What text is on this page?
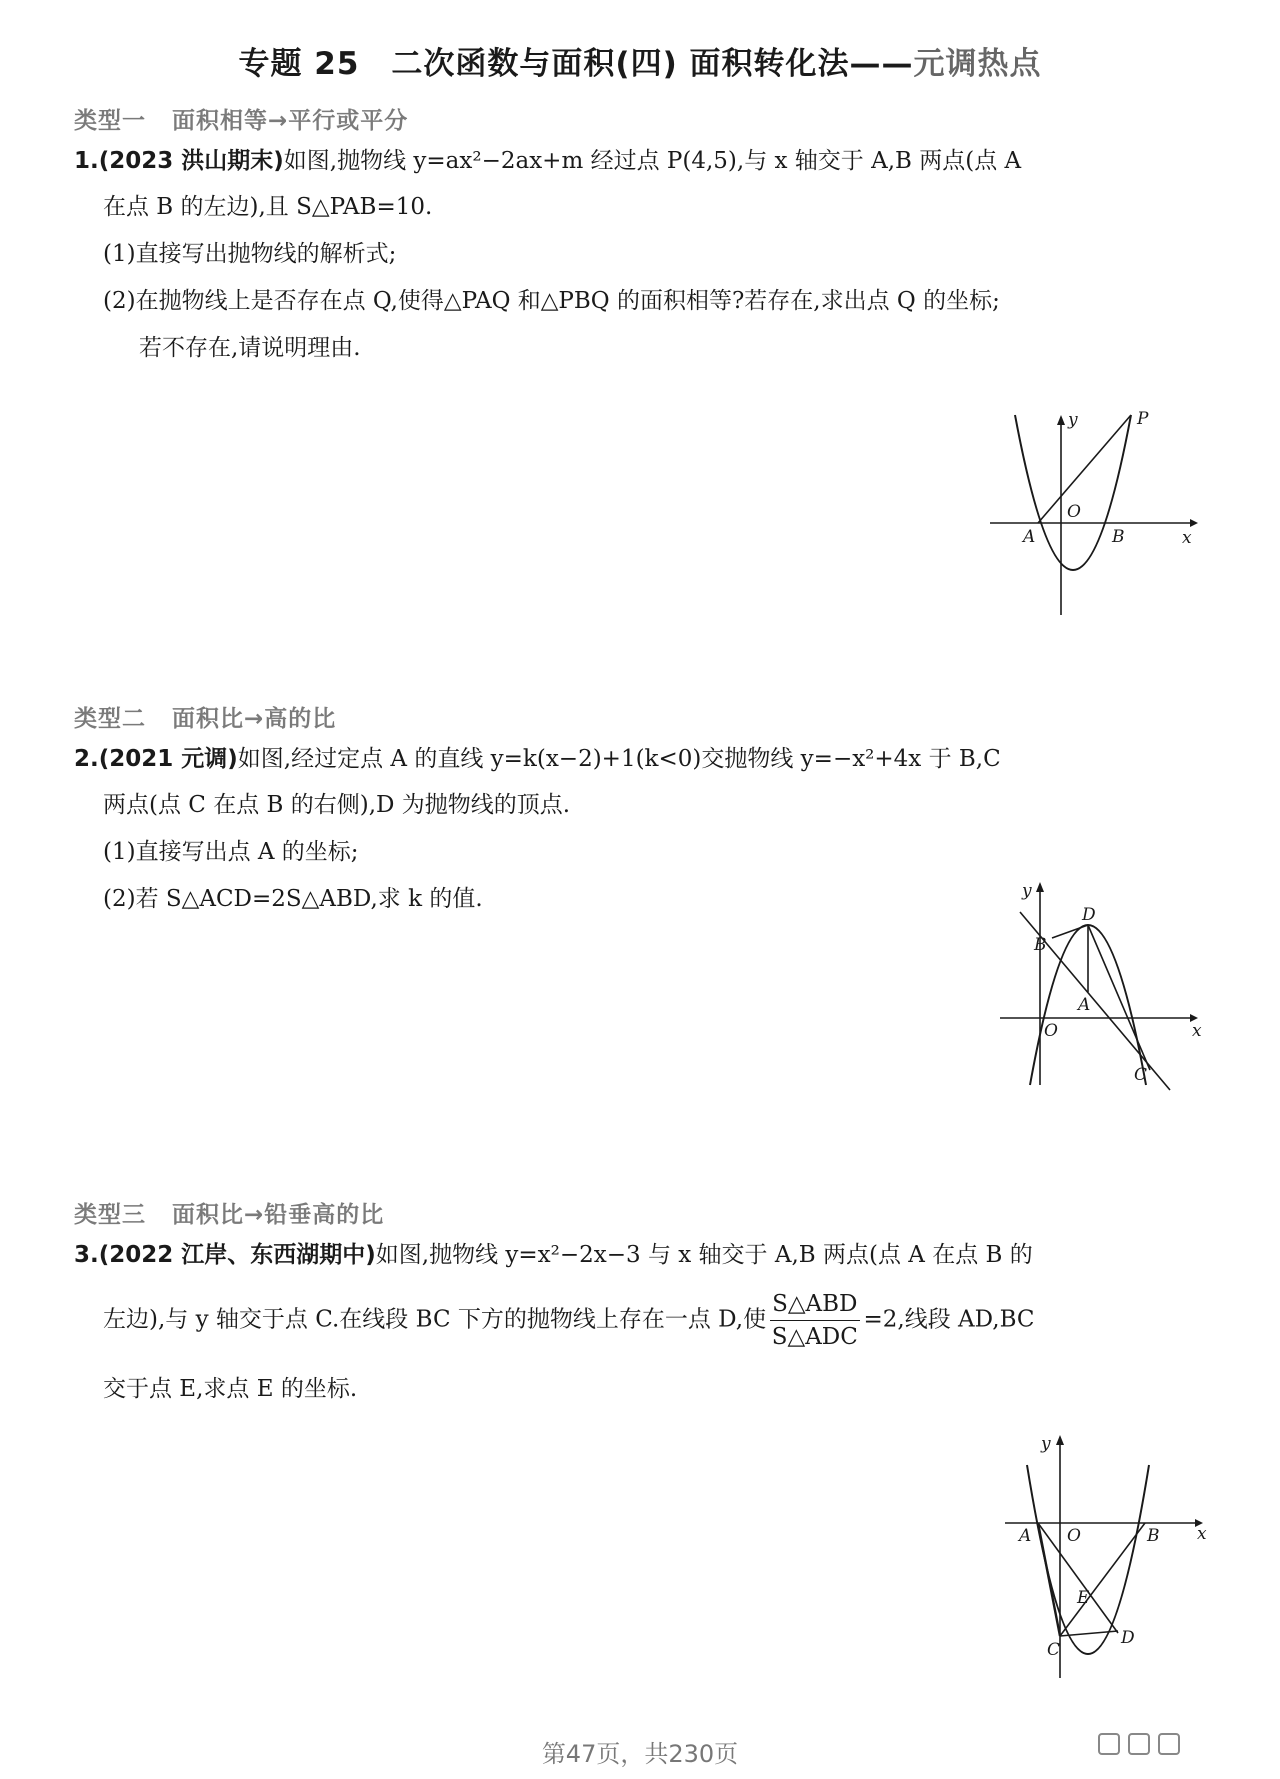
专题 25　二次函数与面积(四) 面积转化法——元调热点
类型一 面积相等→平行或平分
1.(2023 洪山期末)如图,抛物线 y=ax²−2ax+m 经过点 P(4,5),与 x 轴交于 A,B 两点(点 A
在点 B 的左边),且 S△PAB=10.
(1)直接写出抛物线的解析式;
(2)在抛物线上是否存在点 Q,使得△PAQ 和△PBQ 的面积相等?若存在,求出点 Q 的坐标;
若不存在,请说明理由.
y
x
O
A	B
P
类型二 面积比→高的比
2.(2021 元调)如图,经过定点 A 的直线 y=k(x−2)+1(k<0)交抛物线 y=−x²+4x 于 B,C
两点(点 C 在点 B 的右侧),D 为抛物线的顶点.
(1)直接写出点 A 的坐标;
(2)若 S△ACD=2S△ABD,求 k 的值.	y
x
O
A
B
C
D
类型三 面积比→铅垂高的比
3.(2022 江岸、东西湖期中)如图,抛物线 y=x²−2x−3 与 x 轴交于 A,B 两点(点 A 在点 B 的
左边),与 y 轴交于点 C.在线段 BC 下方的抛物线上存在一点 D,使 $\frac{\text{S△ABD}}{\text{S△ADC}} =2$,线段 AD,BC
交于点 E,求点 E 的坐标.
y
x
O
A	B
C
D
E
第47页，共230页
